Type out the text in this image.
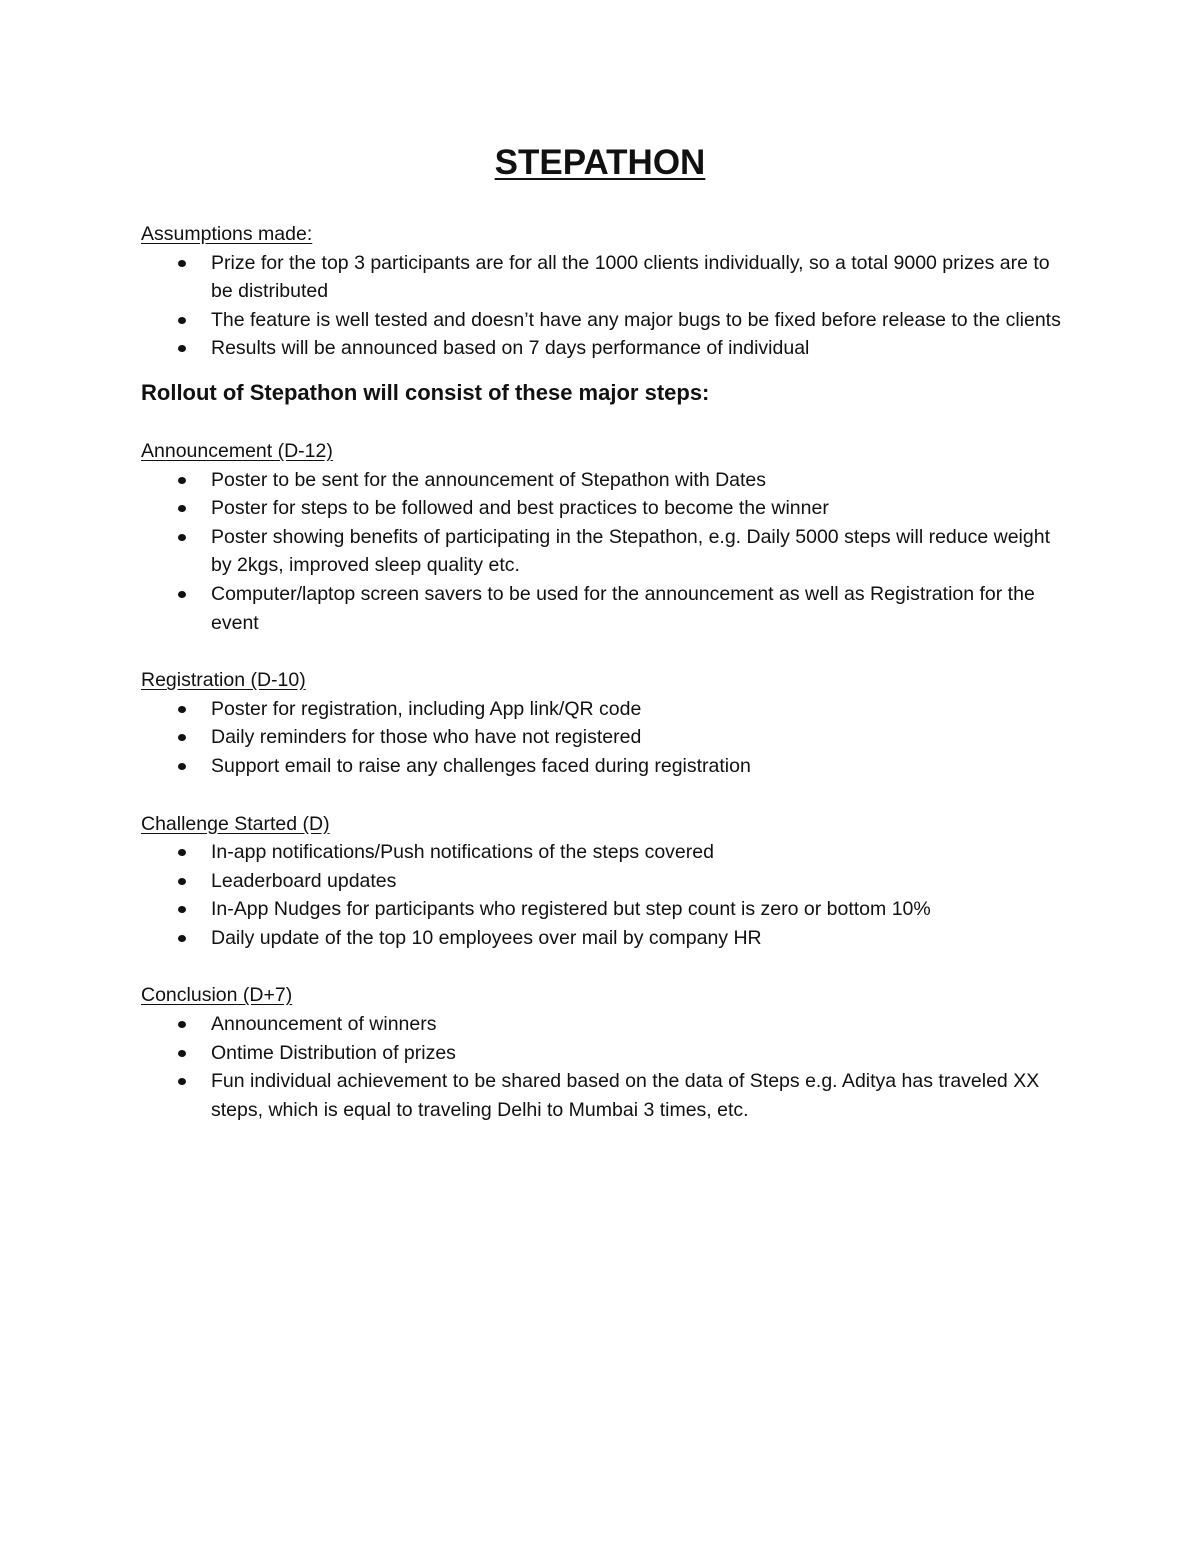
STEPATHON

Assumptions made:

Prize for the top 3 participants are for all the 1000 clients individually, so a total 9000 prizes are to be distributed
The feature is well tested and doesn’t have any major bugs to be fixed before release to the clients
Results will be announced based on 7 days performance of individual

Rollout of Stepathon will consist of these major steps:

Announcement (D-12)

Poster to be sent for the announcement of Stepathon with Dates
Poster for steps to be followed and best practices to become the winner
Poster showing benefits of participating in the Stepathon, e.g. Daily 5000 steps will reduce weight by 2kgs, improved sleep quality etc.
Computer/laptop screen savers to be used for the announcement as well as Registration for the event

Registration (D-10)

Poster for registration, including App link/QR code
Daily reminders for those who have not registered
Support email to raise any challenges faced during registration

Challenge Started (D)

In-app notifications/Push notifications of the steps covered
Leaderboard updates
In-App Nudges for participants who registered but step count is zero or bottom 10%
Daily update of the top 10 employees over mail by company HR

Conclusion (D+7)

Announcement of winners
Ontime Distribution of prizes
Fun individual achievement to be shared based on the data of Steps e.g. Aditya has traveled XX steps, which is equal to traveling Delhi to Mumbai 3 times, etc.
